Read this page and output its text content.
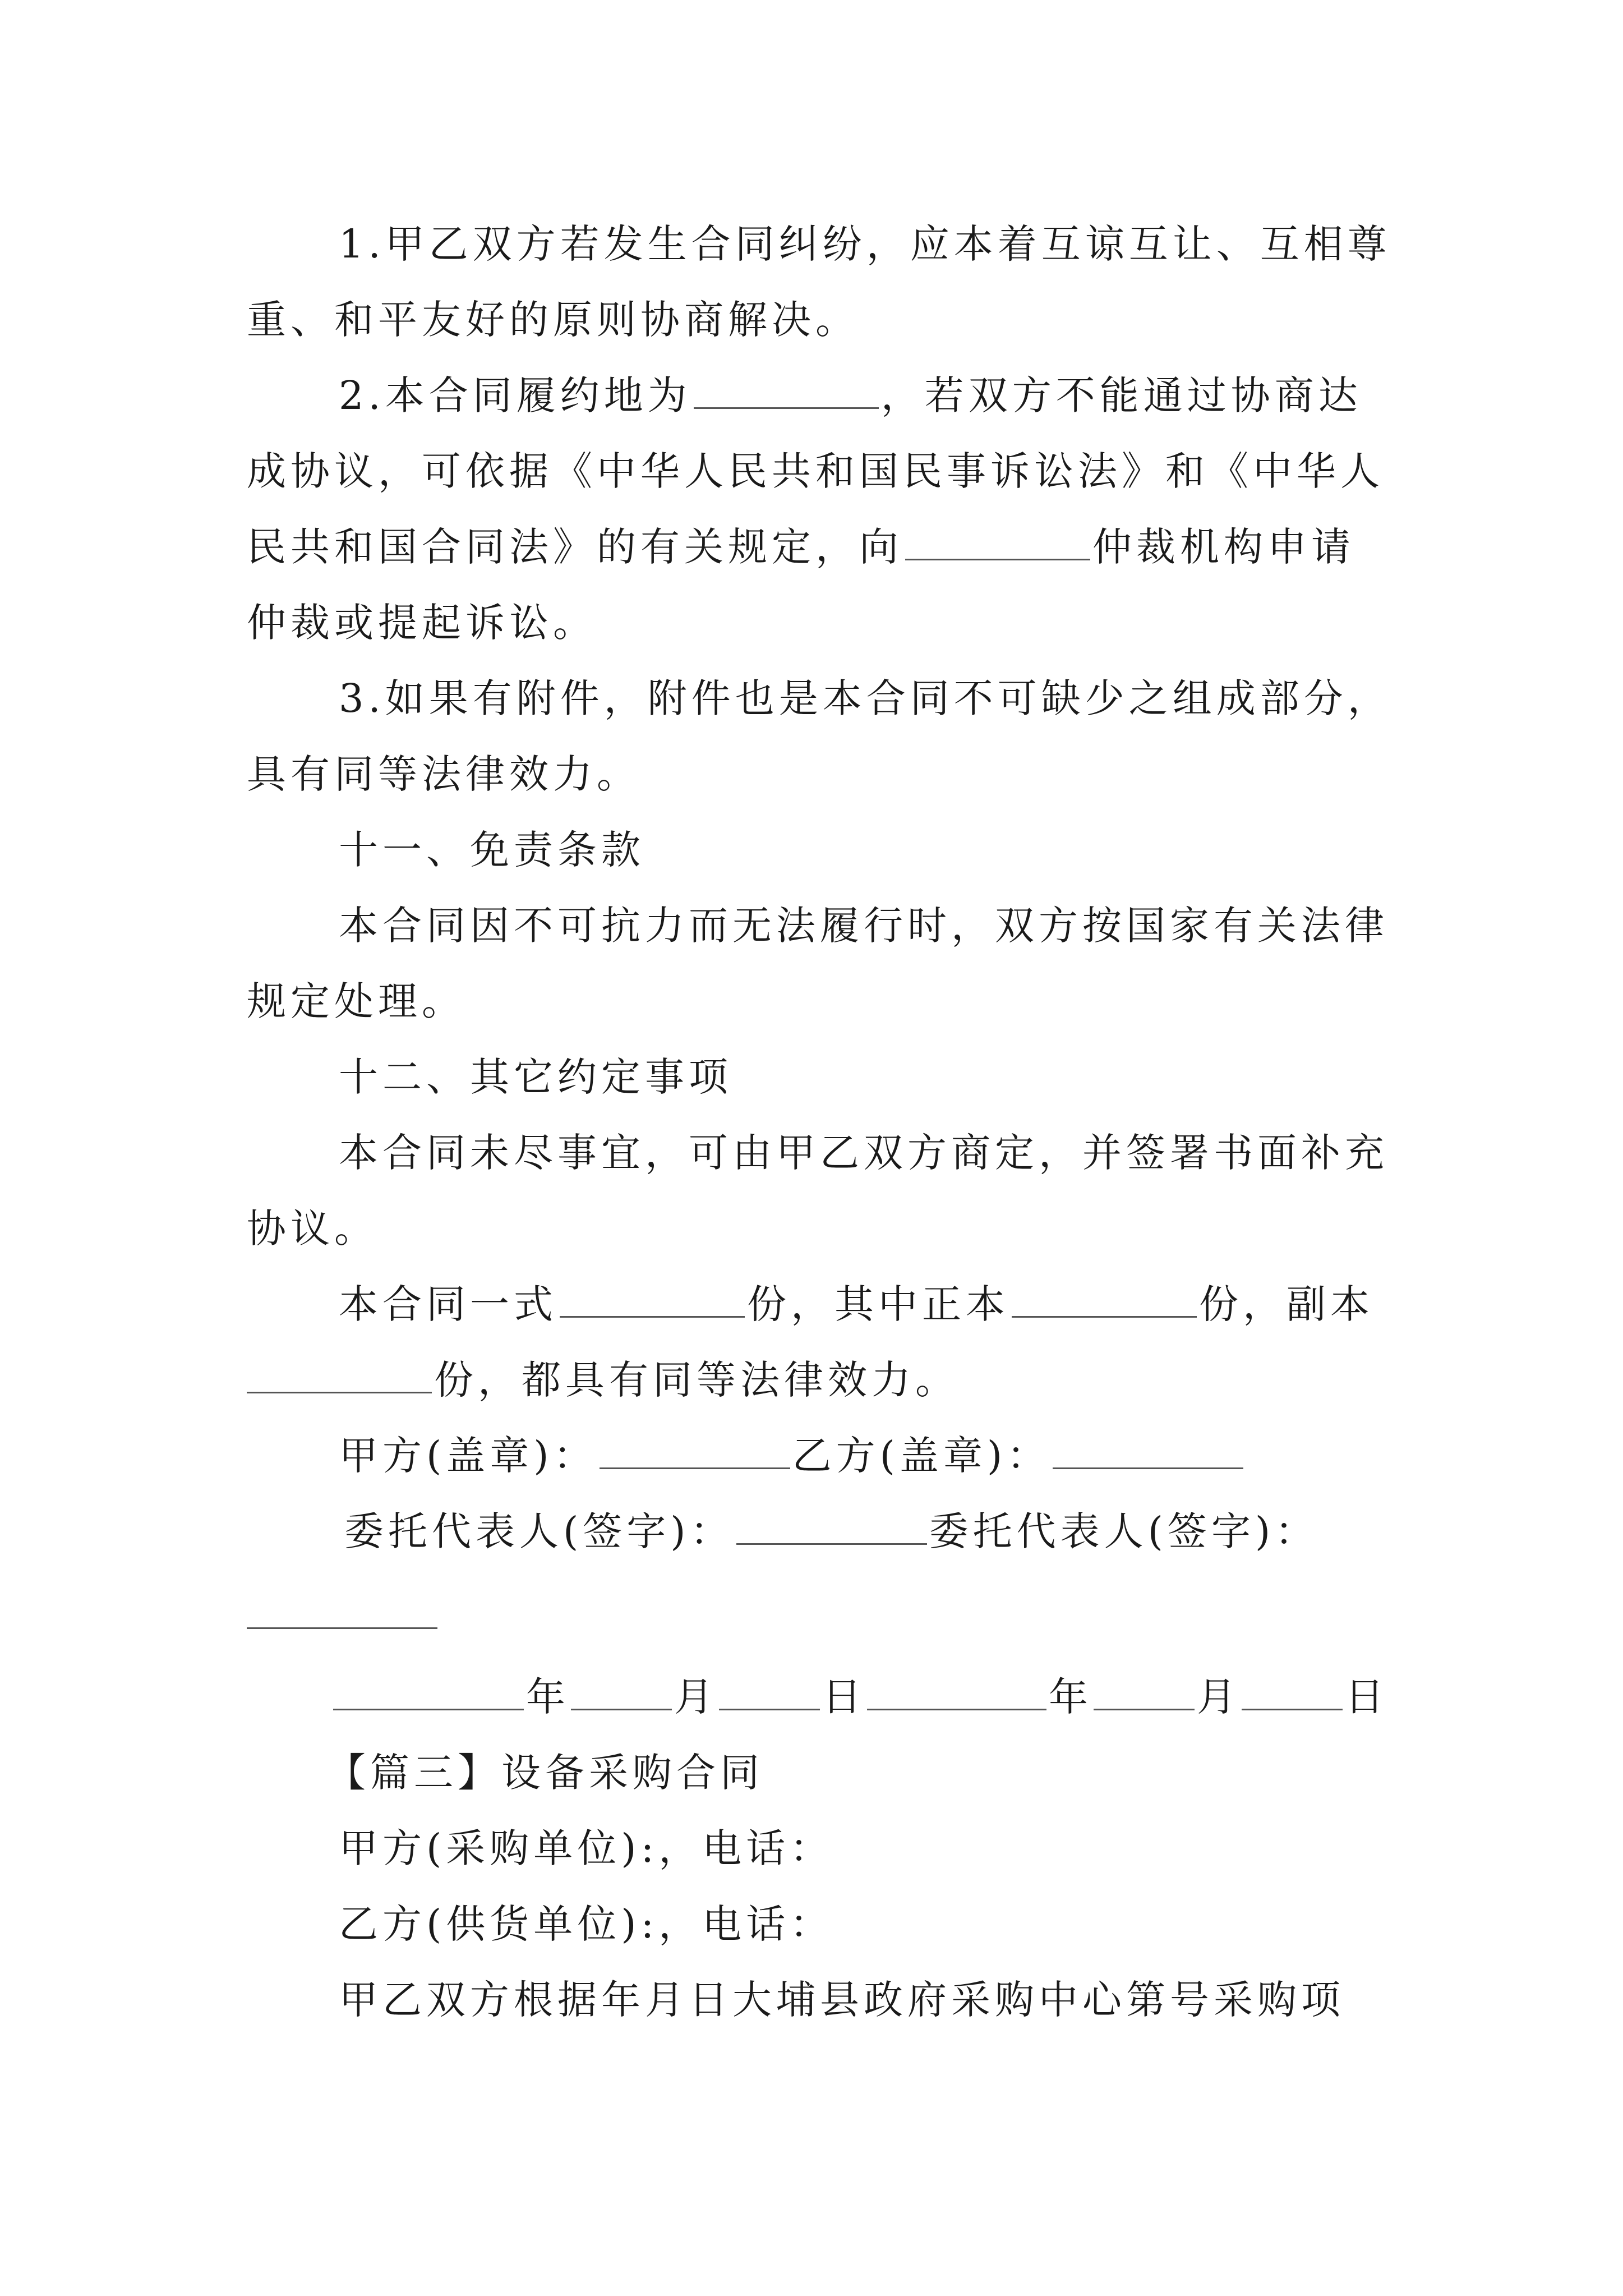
1.甲乙双方若发生合同纠纷，应本着互谅互让、互相尊
重、和平友好的原则协商解决。
2.本合同履约地为	，若双方不能通过协商达
成协议，可依据《中华人民共和国民事诉讼法》和《中华人
民共和国合同法》的有关规定，向	仲裁机构申请
仲裁或提起诉讼。
3.如果有附件，附件也是本合同不可缺少之组成部分，
具有同等法律效力。
十一、免责条款
本合同因不可抗力而无法履行时，双方按国家有关法律
规定处理。
十二、其它约定事项
本合同未尽事宜，可由甲乙双方商定，并签署书面补充
协议。
本合同一式	份，其中正本	份，副本
份，都具有同等法律效力。
甲方(盖章)：	乙方(盖章)：
委托代表人(签字)：	委托代表人(签字)：
年	月	日	年	月	日
【篇三】设备采购合同
甲方(采购单位):，电话：
乙方(供货单位):，电话：
甲乙双方根据年月日大埔县政府采购中心第号采购项
